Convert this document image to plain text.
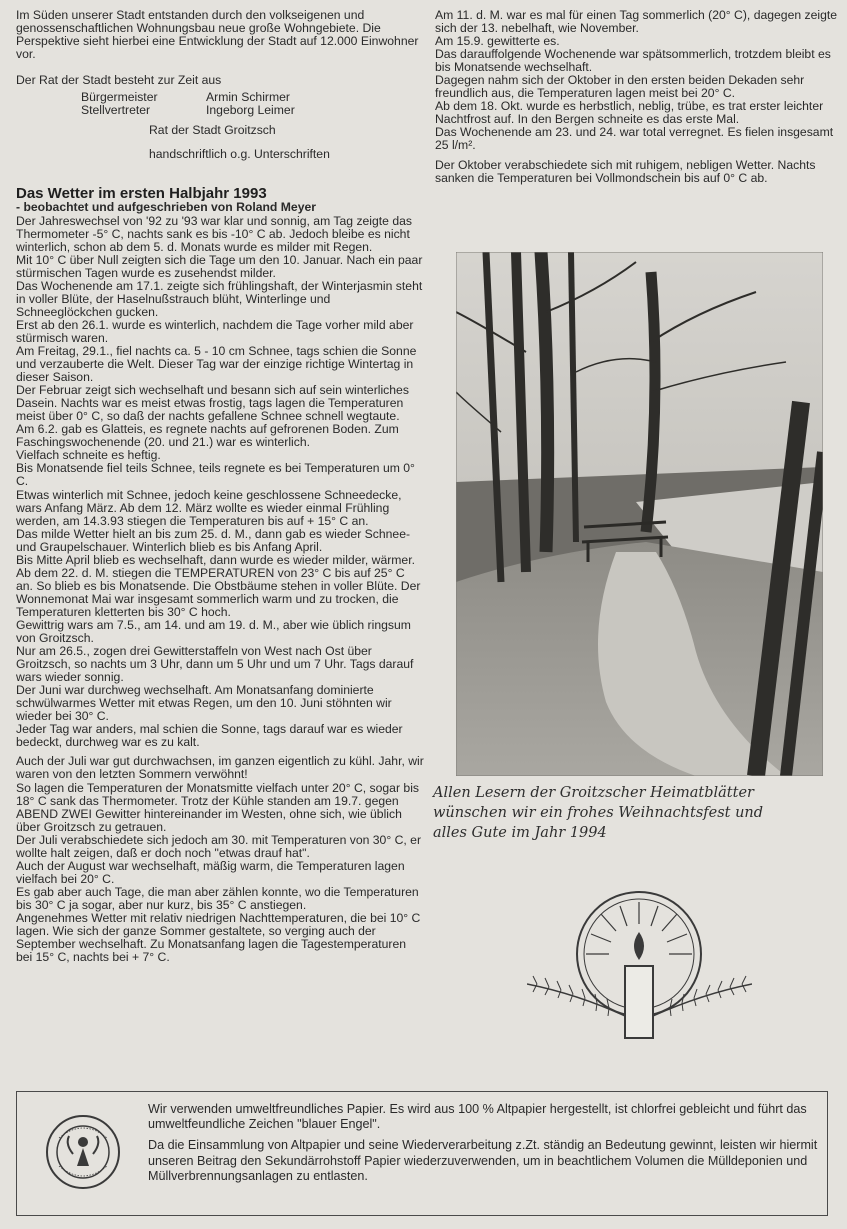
Im Süden unserer Stadt entstanden durch den volkseigenen und genossenschaftlichen Wohnungsbau neue große Wohngebiete. Die Perspektive sieht hierbei eine Entwicklung der Stadt auf 12.000 Einwohner vor.

Der Rat der Stadt besteht zur Zeit aus

Bürgermeister	Armin Schirmer
Stellvertreter	Ingeborg Leimer

Rat der Stadt Groitzsch

handschriftlich o.g. Unterschriften

Das Wetter im ersten Halbjahr 1993

- beobachtet und aufgeschrieben von Roland Meyer

Der Jahreswechsel von '92 zu '93 war klar und sonnig, am Tag zeigte das Thermometer -5° C, nachts sank es bis -10° C ab. Jedoch bleibe es nicht winterlich, schon ab dem 5. d. Monats wurde es milder mit Regen.

Mit 10° C über Null zeigten sich die Tage um den 10. Januar. Nach ein paar stürmischen Tagen wurde es zusehendst milder.

Das Wochenende am 17.1. zeigte sich frühlingshaft, der Winterjasmin steht in voller Blüte, der Haselnußstrauch blüht, Winterlinge und Schneeglöckchen gucken.

Erst ab den 26.1. wurde es winterlich, nachdem die Tage vorher mild aber stürmisch waren.

Am Freitag, 29.1., fiel nachts ca. 5 - 10 cm Schnee, tags schien die Sonne und verzauberte die Welt. Dieser Tag war der einzige richtige Wintertag in dieser Saison.

Der Februar zeigt sich wechselhaft und besann sich auf sein winterliches Dasein. Nachts war es meist etwas frostig, tags lagen die Temperaturen meist über 0° C, so daß der nachts gefallene Schnee schnell wegtaute.

Am 6.2. gab es Glatteis, es regnete nachts auf gefrorenen Boden. Zum Faschingswochenende (20. und 21.) war es winterlich.

Vielfach schneite es heftig.

Bis Monatsende fiel teils Schnee, teils regnete es bei Temperaturen um 0° C.

Etwas winterlich mit Schnee, jedoch keine geschlossene Schneedecke, wars Anfang März. Ab dem 12. März wollte es wieder einmal Frühling werden, am 14.3.93 stiegen die Temperaturen bis auf + 15° C an.

Das milde Wetter hielt an bis zum 25. d. M., dann gab es wieder Schnee- und Graupelschauer. Winterlich blieb es bis Anfang April.

Bis Mitte April blieb es wechselhaft, dann wurde es wieder milder, wärmer.

Ab dem 22. d. M. stiegen die TEMPERATUREN von 23° C bis auf 25° C an. So blieb es bis Monatsende. Die Obstbäume stehen in voller Blüte. Der Wonnemonat Mai war insgesamt sommerlich warm und zu trocken, die Temperaturen kletterten bis 30° C hoch.

Gewittrig wars am 7.5., am 14. und am 19. d. M., aber wie üblich ringsum von Groitzsch.

Nur am 26.5., zogen drei Gewitterstaffeln von West nach Ost über Groitzsch, so nachts um 3 Uhr, dann um 5 Uhr und um 7 Uhr. Tags darauf wars wieder sonnig.

Der Juni war durchweg wechselhaft. Am Monatsanfang dominierte schwülwarmes Wetter mit etwas Regen, um den 10. Juni stöhnten wir wieder bei 30° C.

Jeder Tag war anders, mal schien die Sonne, tags darauf war es wieder bedeckt, durchweg war es zu kalt.

Auch der Juli war gut durchwachsen, im ganzen eigentlich zu kühl. Jahr, wir waren von den letzten Sommern verwöhnt!

So lagen die Temperaturen der Monatsmitte vielfach unter 20° C, sogar bis 18° C sank das Thermometer. Trotz der Kühle standen am 19.7. gegen ABEND ZWEI Gewitter hintereinander im Westen, ohne sich, wie üblich über Groitzsch zu getrauen.

Der Juli verabschiedete sich jedoch am 30. mit Temperaturen von 30° C, er wollte halt zeigen, daß er doch noch "etwas drauf hat".

Auch der August war wechselhaft, mäßig warm, die Temperaturen lagen vielfach bei 20° C.

Es gab aber auch Tage, die man aber zählen konnte, wo die Temperaturen bis 30° C ja sogar, aber nur kurz, bis 35° C anstiegen.

Angenehmes Wetter mit relativ niedrigen Nachttemperaturen, die bei 10° C lagen. Wie sich der ganze Sommer gestaltete, so verging auch der September wechselhaft. Zu Monatsanfang lagen die Tagestemperaturen bei 15° C, nachts bei + 7° C.

Am 11. d. M. war es mal für einen Tag sommerlich (20° C), dagegen zeigte sich der 13. nebelhaft, wie November.

Am 15.9. gewitterte es.

Das darauffolgende Wochenende war spätsommerlich, trotzdem bleibt es bis Monatsende wechselhaft.

Dagegen nahm sich der Oktober in den ersten beiden Dekaden sehr freundlich aus, die Temperaturen lagen meist bei 20° C.

Ab dem 18. Okt. wurde es herbstlich, neblig, trübe, es trat erster leichter Nachtfrost auf. In den Bergen schneite es das erste Mal.

Das Wochenende am 23. und 24. war total verregnet. Es fielen insgesamt 25 l/m².

Der Oktober verabschiedete sich mit ruhigem, nebligen Wetter. Nachts sanken die Temperaturen bei Vollmondschein bis auf 0° C ab.

Allen Lesern der Groitzscher Heimatblätter
wünschen wir ein frohes Weihnachtsfest und
alles Gute im Jahr 1994

Wir verwenden umweltfreundliches Papier. Es wird aus 100 % Altpapier hergestellt, ist chlorfrei gebleicht und führt das umweltfeundliche Zeichen "blauer Engel".

Da die Einsammlung von Altpapier und seine Wiederverarbeitung z.Zt. ständig an Bedeutung gewinnt, leisten wir hiermit unseren Beitrag den Sekundärrohstoff Papier wiederzuverwenden, um in beachtlichem Volumen die Mülldeponien und Müllverbrennungsanlagen zu entlasten.
